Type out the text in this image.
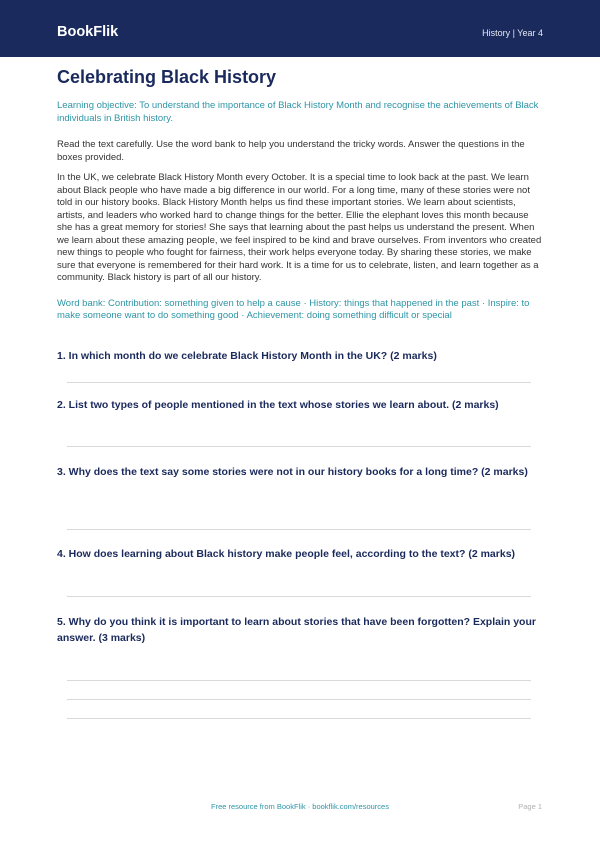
BookFlik	History | Year 4
Celebrating Black History
Learning objective: To understand the importance of Black History Month and recognise the achievements of Black individuals in British history.
Read the text carefully. Use the word bank to help you understand the tricky words. Answer the questions in the boxes provided.
In the UK, we celebrate Black History Month every October. It is a special time to look back at the past. We learn about Black people who have made a big difference in our world. For a long time, many of these stories were not told in our history books. Black History Month helps us find these important stories. We learn about scientists, artists, and leaders who worked hard to change things for the better. Ellie the elephant loves this month because she has a great memory for stories! She says that learning about the past helps us understand the present. When we learn about these amazing people, we feel inspired to be kind and brave ourselves. From inventors who created new things to people who fought for fairness, their work helps everyone today. By sharing these stories, we make sure that everyone is remembered for their hard work. It is a time for us to celebrate, listen, and learn together as a community. Black history is part of all our history.
Word bank: Contribution: something given to help a cause · History: things that happened in the past · Inspire: to make someone want to do something good · Achievement: doing something difficult or special
1. In which month do we celebrate Black History Month in the UK? (2 marks)
2. List two types of people mentioned in the text whose stories we learn about. (2 marks)
3. Why does the text say some stories were not in our history books for a long time? (2 marks)
4. How does learning about Black history make people feel, according to the text? (2 marks)
5. Why do you think it is important to learn about stories that have been forgotten? Explain your answer. (3 marks)
Free resource from BookFlik · bookflik.com/resources	Page 1
